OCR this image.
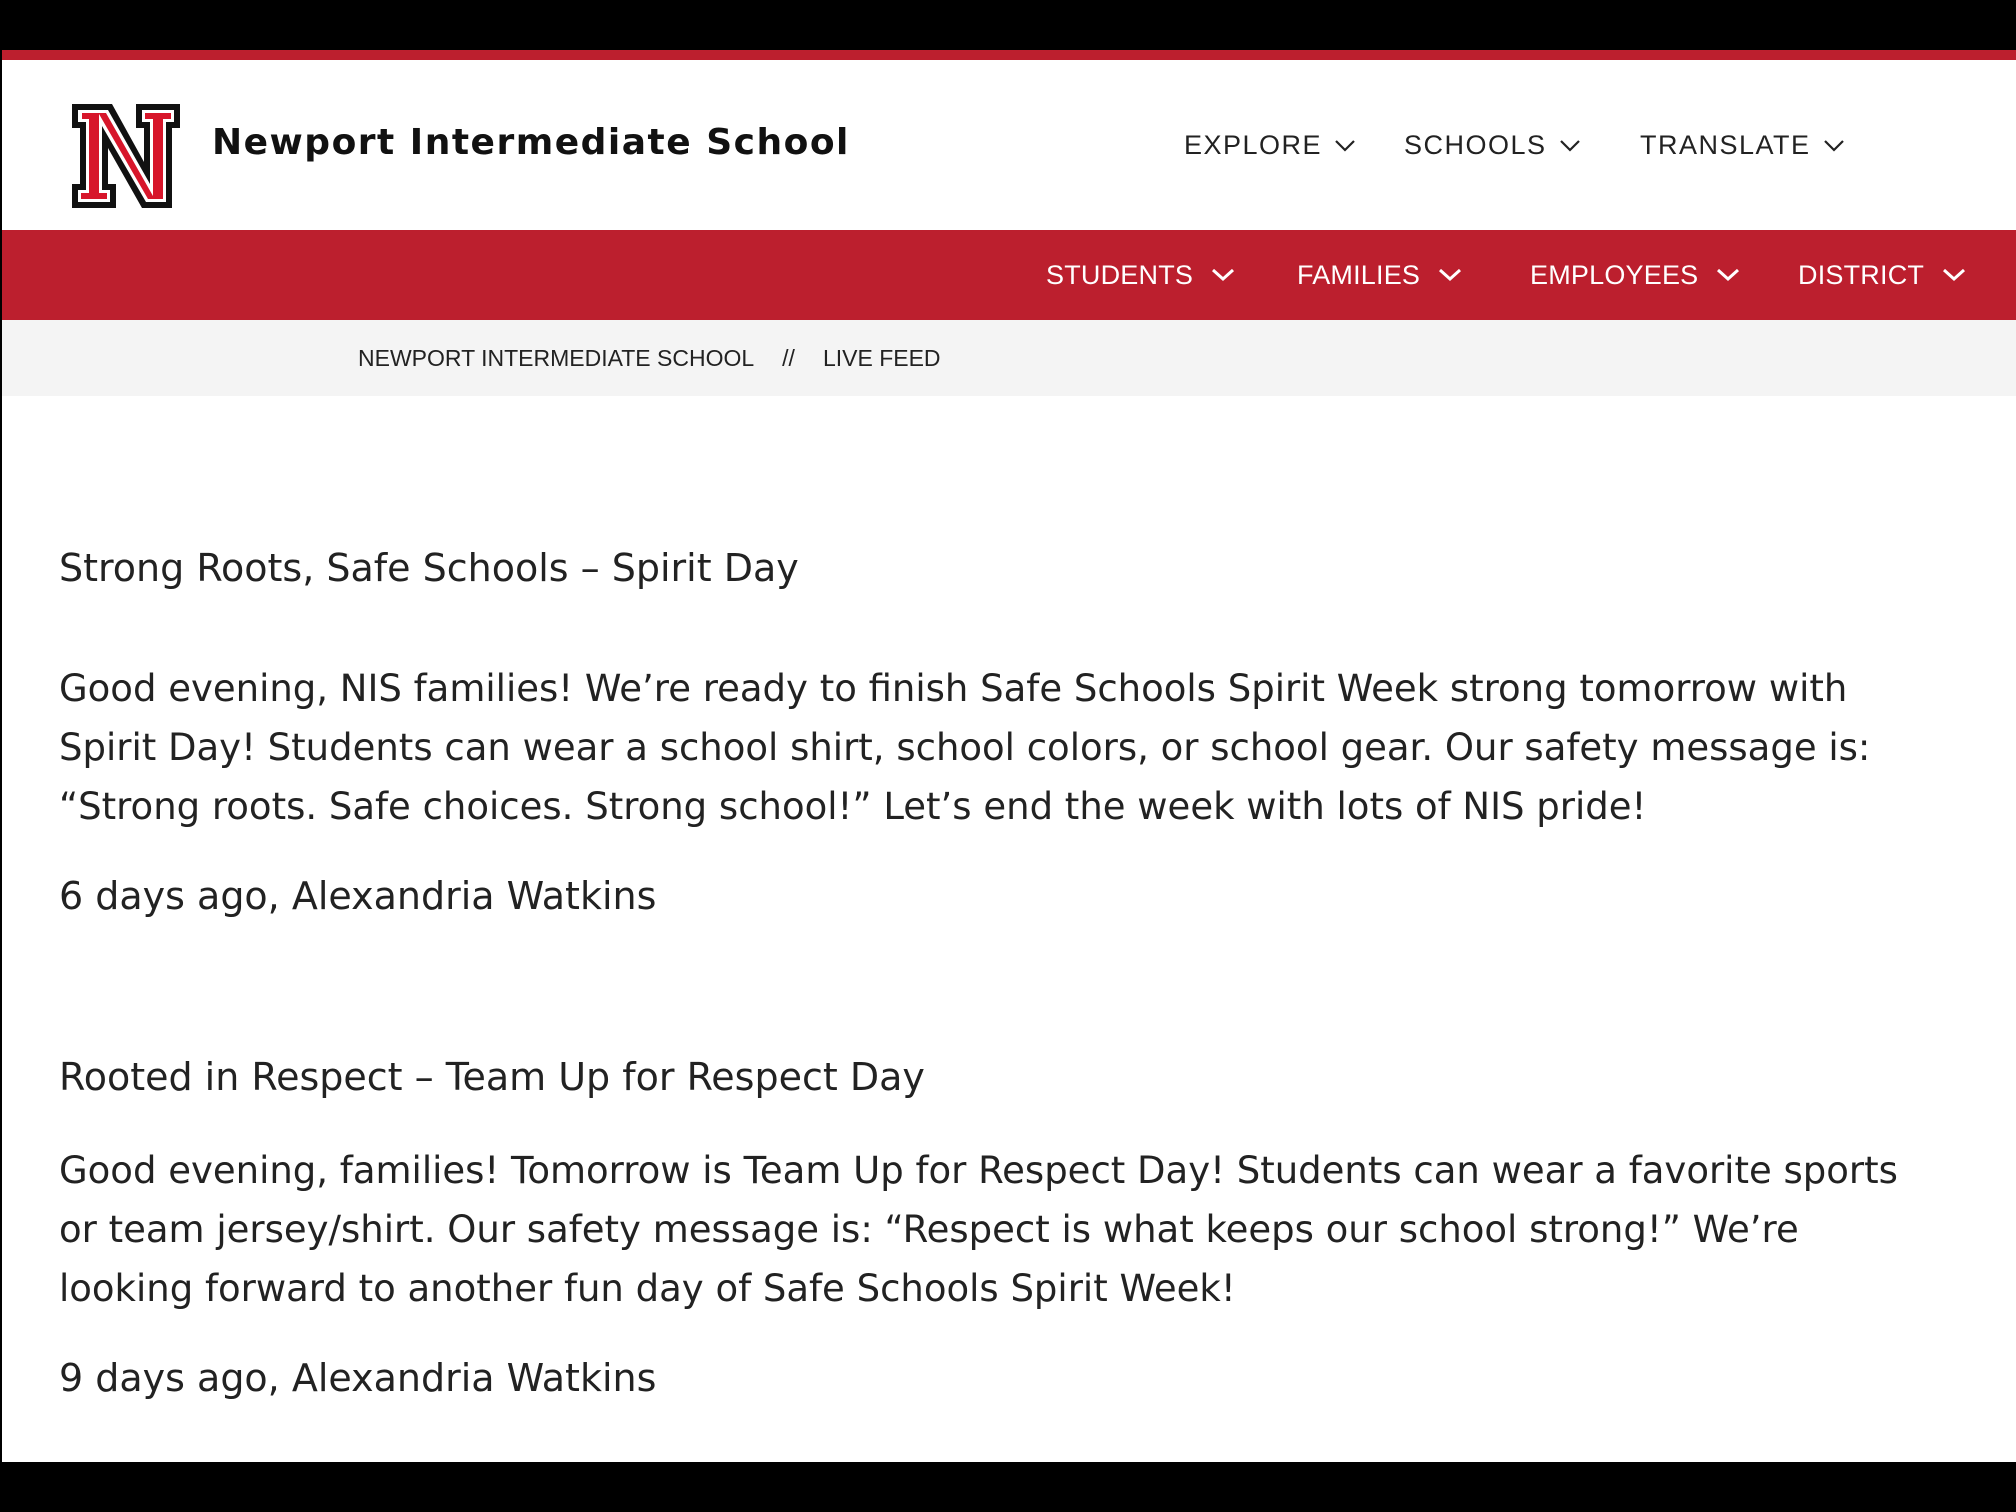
Newport Intermediate School	EXPLORE	SCHOOLS	TRANSLATE
STUDENTS	FAMILIES	EMPLOYEES	DISTRICT
NEWPORT INTERMEDIATE SCHOOL // LIVE FEED
Strong Roots, Safe Schools – Spirit Day
Good evening, NIS families! We’re ready to finish Safe Schools Spirit Week strong tomorrow with
Spirit Day! Students can wear a school shirt, school colors, or school gear. Our safety message is:
“Strong roots. Safe choices. Strong school!” Let’s end the week with lots of NIS pride!
6 days ago, Alexandria Watkins
Rooted in Respect – Team Up for Respect Day
Good evening, families! Tomorrow is Team Up for Respect Day! Students can wear a favorite sports
or team jersey/shirt. Our safety message is: “Respect is what keeps our school strong!” We’re
looking forward to another fun day of Safe Schools Spirit Week!
9 days ago, Alexandria Watkins
